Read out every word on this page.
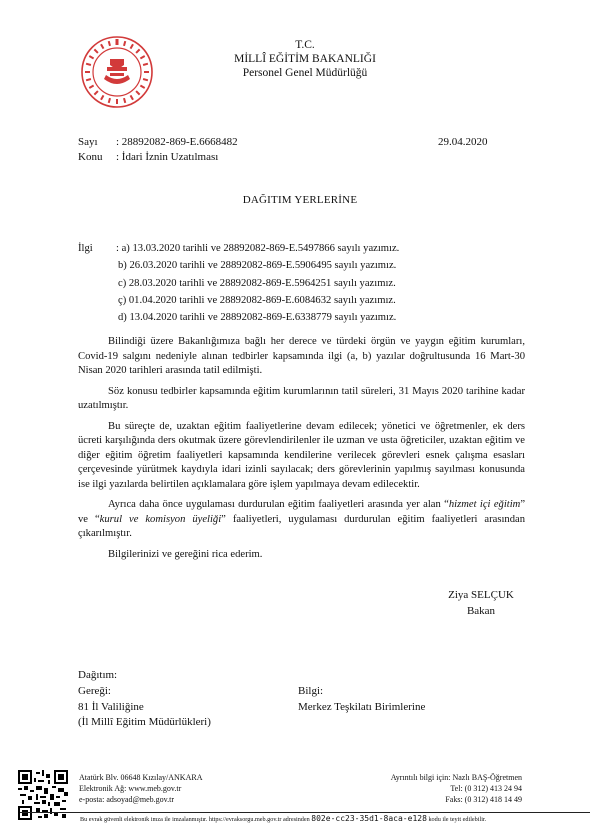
T.C.
MİLLÎ EĞİTİM BAKANLIĞI
Personel Genel Müdürlüğü
Sayı : 28892082-869-E.6668482	29.04.2020
Konu : İdari İznin Uzatılması
DAĞITIM YERLERİNE
İlgi : a) 13.03.2020 tarihli ve 28892082-869-E.5497866 sayılı yazımız.
b) 26.03.2020 tarihli ve 28892082-869-E.5906495 sayılı yazımız.
c) 28.03.2020 tarihli ve 28892082-869-E.5964251 sayılı yazımız.
ç) 01.04.2020 tarihli ve 28892082-869-E.6084632 sayılı yazımız.
d) 13.04.2020 tarihli ve 28892082-869-E.6338779 sayılı yazımız.

Bilindiği üzere Bakanlığımıza bağlı her derece ve türdeki örgün ve yaygın eğitim kurumları, Covid-19 salgını nedeniyle alınan tedbirler kapsamında ilgi (a, b) yazılar doğrultusunda 16 Mart-30 Nisan 2020 tarihleri arasında tatil edilmişti.

Söz konusu tedbirler kapsamında eğitim kurumlarının tatil süreleri, 31 Mayıs 2020 tarihine kadar uzatılmıştır.

Bu süreçte de, uzaktan eğitim faaliyetlerine devam edilecek; yönetici ve öğretmenler, ek ders ücreti karşılığında ders okutmak üzere görevlendirilenler ile uzman ve usta öğreticiler, uzaktan eğitim ve diğer eğitim öğretim faaliyetleri kapsamında kendilerine verilecek görevleri esnek çalışma esasları çerçevesinde yürütmek kaydıyla idari izinli sayılacak; ders görevlerinin yapılmış sayılması konusunda ise ilgi yazılarda belirtilen açıklamalara göre işlem yapılmaya devam edilecektir.

Ayrıca daha önce uygulaması durdurulan eğitim faaliyetleri arasında yer alan “hizmet içi eğitim” ve “kurul ve komisyon üyeliği” faaliyetleri, uygulaması durdurulan eğitim faaliyetleri arasından çıkarılmıştır.

Bilgilerinizi ve gereğini rica ederim.

Ziya SELÇUK
Bakan
Dağıtım:
Gereği:
81 İl Valiliğine
(İl Millî Eğitim Müdürlükleri)
Bilgi:
Merkez Teşkilatı Birimlerine
Atatürk Blv. 06648 Kızılay/ANKARA
Elektronik Ağ: www.meb.gov.tr
e-posta: adsoyad@meb.gov.tr
Ayrıntılı bilgi için: Nazlı BAŞ-Öğretmen
Tel: (0 312) 413 24 94
Faks: (0 312) 418 14 49
Bu evrak güvenli elektronik imza ile imzalanmıştır. https://evraksorgu.meb.gov.tr adresinden 802e-cc23-35d1-8aca-e128 kodu ile teyit edilebilir.
